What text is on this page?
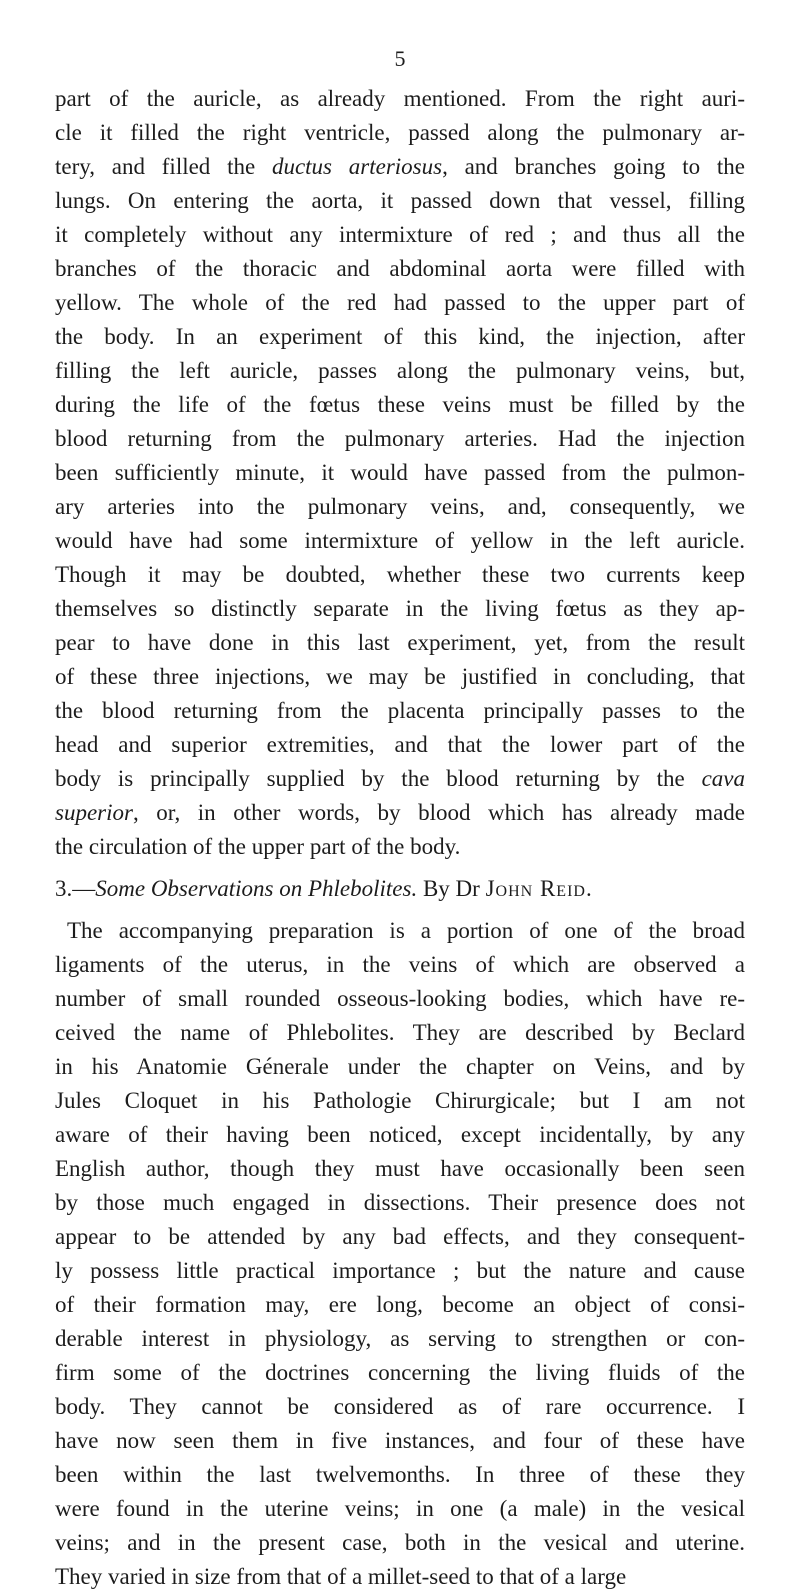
5
part of the auricle, as already mentioned. From the right auri-
cle it filled the right ventricle, passed along the pulmonary ar-
tery, and filled the ductus arteriosus, and branches going to the
lungs. On entering the aorta, it passed down that vessel, filling
it completely without any intermixture of red ; and thus all the
branches of the thoracic and abdominal aorta were filled with
yellow. The whole of the red had passed to the upper part of
the body. In an experiment of this kind, the injection, after
filling the left auricle, passes along the pulmonary veins, but,
during the life of the fœtus these veins must be filled by the
blood returning from the pulmonary arteries. Had the injection
been sufficiently minute, it would have passed from the pulmon-
ary arteries into the pulmonary veins, and, consequently, we
would have had some intermixture of yellow in the left auricle.
Though it may be doubted, whether these two currents keep
themselves so distinctly separate in the living fœtus as they ap-
pear to have done in this last experiment, yet, from the result
of these three injections, we may be justified in concluding, that
the blood returning from the placenta principally passes to the
head and superior extremities, and that the lower part of the
body is principally supplied by the blood returning by the cava
superior, or, in other words, by blood which has already made
the circulation of the upper part of the body.
3.—Some Observations on Phlebolites. By Dr John Reid.
The accompanying preparation is a portion of one of the broad
ligaments of the uterus, in the veins of which are observed a
number of small rounded osseous-looking bodies, which have re-
ceived the name of Phlebolites. They are described by Beclard
in his Anatomie Génerale under the chapter on Veins, and by
Jules Cloquet in his Pathologie Chirurgicale; but I am not
aware of their having been noticed, except incidentally, by any
English author, though they must have occasionally been seen
by those much engaged in dissections. Their presence does not
appear to be attended by any bad effects, and they consequent-
ly possess little practical importance ; but the nature and cause
of their formation may, ere long, become an object of consi-
derable interest in physiology, as serving to strengthen or con-
firm some of the doctrines concerning the living fluids of the
body. They cannot be considered as of rare occurrence. I
have now seen them in five instances, and four of these have
been within the last twelvemonths. In three of these they
were found in the uterine veins; in one (a male) in the vesical
veins; and in the present case, both in the vesical and uterine.
They varied in size from that of a millet-seed to that of a large
